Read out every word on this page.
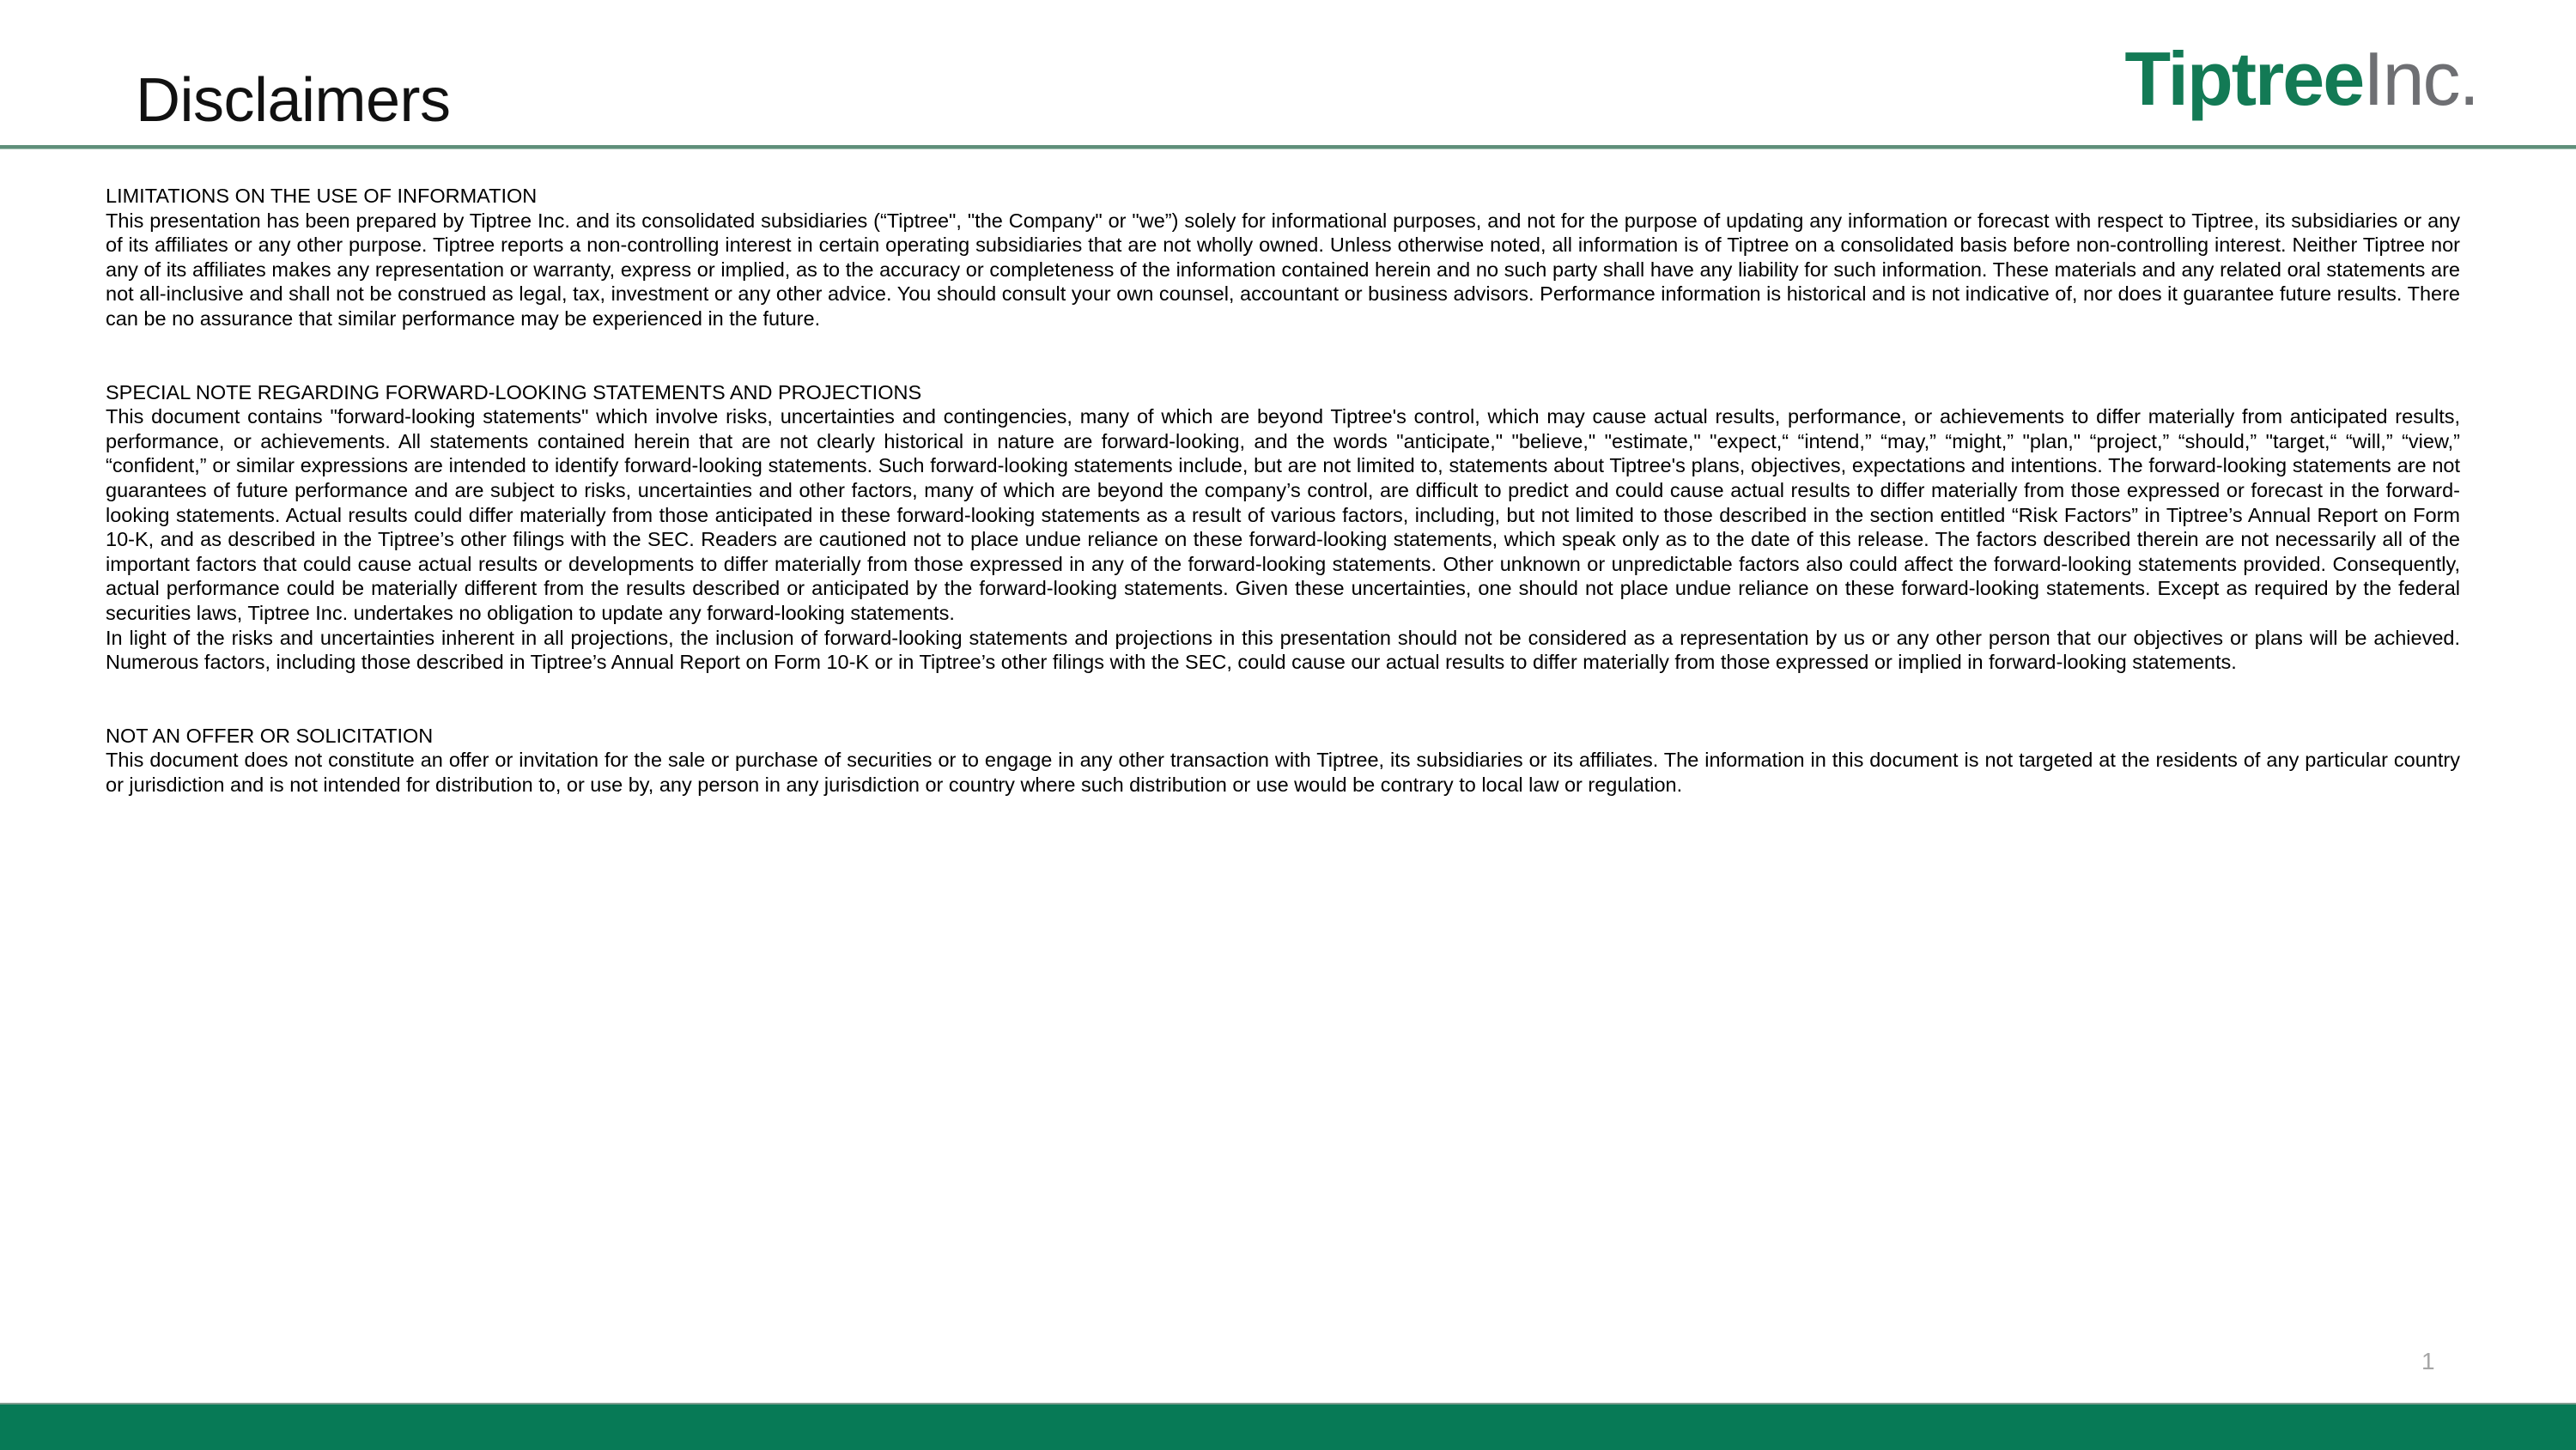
Disclaimers	TiptreeInc.
LIMITATIONS ON THE USE OF INFORMATION
This presentation has been prepared by Tiptree Inc. and its consolidated subsidiaries (“Tiptree", "the Company" or "we”) solely for informational purposes, and not for the purpose of updating any information or forecast with respect to Tiptree, its subsidiaries or any of its affiliates or any other purpose. Tiptree reports a non-controlling interest in certain operating subsidiaries that are not wholly owned. Unless otherwise noted, all information is of Tiptree on a consolidated basis before non-controlling interest. Neither Tiptree nor any of its affiliates makes any representation or warranty, express or implied, as to the accuracy or completeness of the information contained herein and no such party shall have any liability for such information. These materials and any related oral statements are not all-inclusive and shall not be construed as legal, tax, investment or any other advice. You should consult your own counsel, accountant or business advisors. Performance information is historical and is not indicative of, nor does it guarantee future results. There can be no assurance that similar performance may be experienced in the future.
SPECIAL NOTE REGARDING FORWARD-LOOKING STATEMENTS AND PROJECTIONS
This document contains "forward-looking statements" which involve risks, uncertainties and contingencies, many of which are beyond Tiptree's control, which may cause actual results, performance, or achievements to differ materially from anticipated results, performance, or achievements. All statements contained herein that are not clearly historical in nature are forward-looking, and the words "anticipate," "believe," "estimate," "expect,“ “intend,” “may,” “might,” "plan," “project,” “should,” "target,“ “will,” “view,” “confident,” or similar expressions are intended to identify forward-looking statements. Such forward-looking statements include, but are not limited to, statements about Tiptree's plans, objectives, expectations and intentions. The forward-looking statements are not guarantees of future performance and are subject to risks, uncertainties and other factors, many of which are beyond the company’s control, are difficult to predict and could cause actual results to differ materially from those expressed or forecast in the forward-looking statements. Actual results could differ materially from those anticipated in these forward-looking statements as a result of various factors, including, but not limited to those described in the section entitled “Risk Factors” in Tiptree’s Annual Report on Form 10-K, and as described in the Tiptree’s other filings with the SEC. Readers are cautioned not to place undue reliance on these forward-looking statements, which speak only as to the date of this release. The factors described therein are not necessarily all of the important factors that could cause actual results or developments to differ materially from those expressed in any of the forward-looking statements. Other unknown or unpredictable factors also could affect the forward-looking statements provided. Consequently, actual performance could be materially different from the results described or anticipated by the forward-looking statements. Given these uncertainties, one should not place undue reliance on these forward-looking statements. Except as required by the federal securities laws, Tiptree Inc. undertakes no obligation to update any forward-looking statements.
In light of the risks and uncertainties inherent in all projections, the inclusion of forward-looking statements and projections in this presentation should not be considered as a representation by us or any other person that our objectives or plans will be achieved. Numerous factors, including those described in Tiptree’s Annual Report on Form 10-K or in Tiptree’s other filings with the SEC, could cause our actual results to differ materially from those expressed or implied in forward-looking statements.
NOT AN OFFER OR SOLICITATION
This document does not constitute an offer or invitation for the sale or purchase of securities or to engage in any other transaction with Tiptree, its subsidiaries or its affiliates. The information in this document is not targeted at the residents of any particular country or jurisdiction and is not intended for distribution to, or use by, any person in any jurisdiction or country where such distribution or use would be contrary to local law or regulation.
1
